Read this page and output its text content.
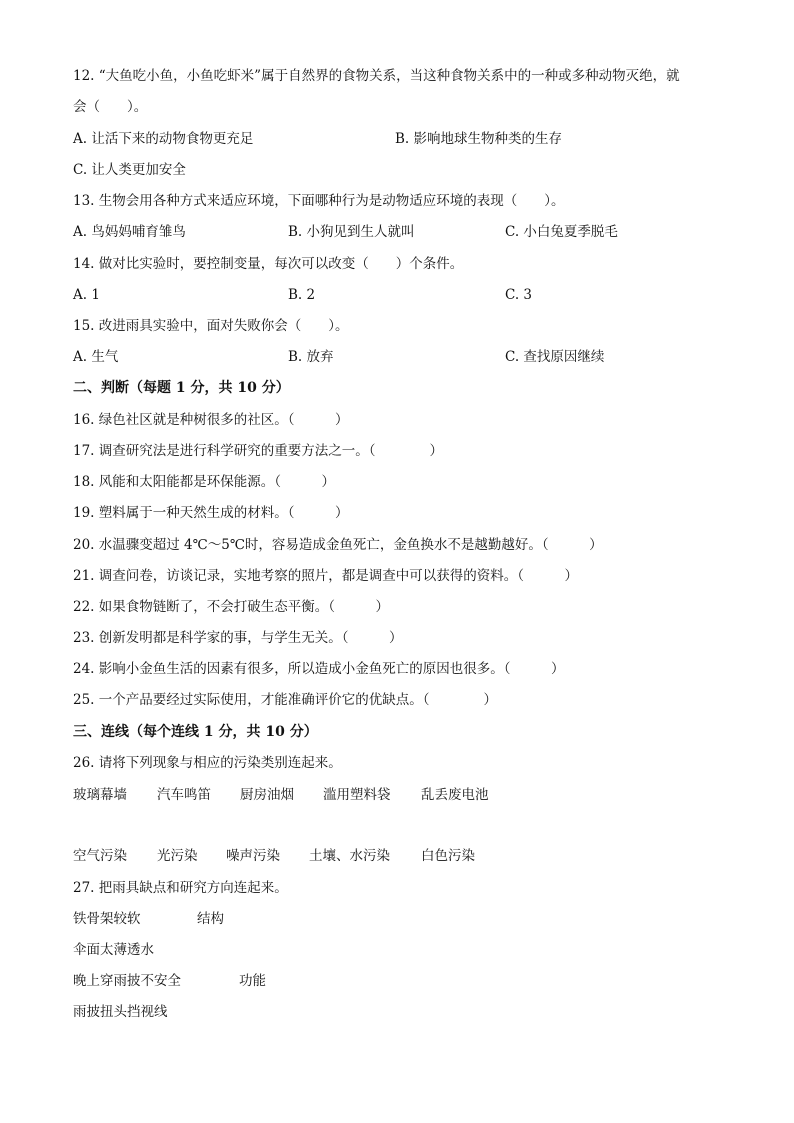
12. “大鱼吃小鱼，小鱼吃虾米”属于自然界的食物关系，当这种食物关系中的一种或多种动物灭绝，就
会（　　）。
A. 让活下来的动物食物更充足	B. 影响地球生物种类的生存
C. 让人类更加安全
13. 生物会用各种方式来适应环境，下面哪种行为是动物适应环境的表现（　　）。
A. 鸟妈妈哺育雏鸟	B. 小狗见到生人就叫	C. 小白兔夏季脱毛
14. 做对比实验时，要控制变量，每次可以改变（　　）个条件。
A. 1	B. 2	C. 3
15. 改进雨具实验中，面对失败你会（　　）。
A. 生气	B. 放弃	C. 查找原因继续
二、判断（每题 1 分，共 10 分）
16. 绿色社区就是种树很多的社区。（　　　）
17. 调查研究法是进行科学研究的重要方法之一。（　　　　）
18. 风能和太阳能都是环保能源。（　　　）
19. 塑料属于一种天然生成的材料。（　　　）
20. 水温骤变超过 4℃～5℃时，容易造成金鱼死亡，金鱼换水不是越勤越好。（　　　）
21. 调查问卷，访谈记录，实地考察的照片，都是调查中可以获得的资料。（　　　）
22. 如果食物链断了，不会打破生态平衡。（　　　）
23. 创新发明都是科学家的事，与学生无关。（　　　）
24. 影响小金鱼生活的因素有很多，所以造成小金鱼死亡的原因也很多。（　　　）
25. 一个产品要经过实际使用，才能准确评价它的优缺点。（　　　　）
三、连线（每个连线 1 分，共 10 分）
26. 请将下列现象与相应的污染类别连起来。
玻璃幕墙 汽车鸣笛 厨房油烟 滥用塑料袋 乱丢废电池
空气污染 光污染 噪声污染 土壤、水污染 白色污染
27. 把雨具缺点和研究方向连起来。
铁骨架较软	结构
伞面太薄透水
晚上穿雨披不安全	功能
雨披扭头挡视线
